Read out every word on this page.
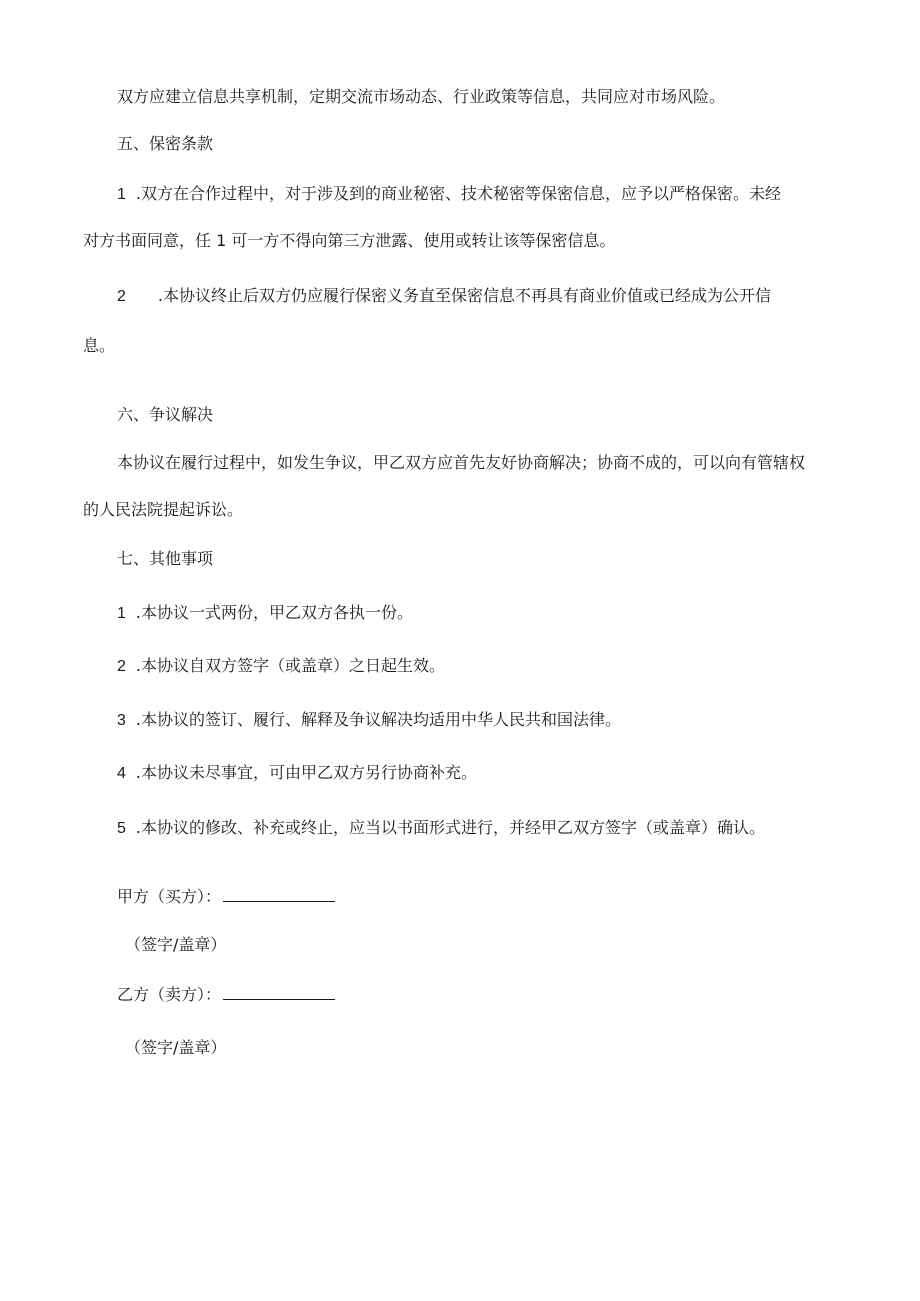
双方应建立信息共享机制，定期交流市场动态、行业政策等信息，共同应对市场风险。
五、保密条款
1 .双方在合作过程中，对于涉及到的商业秘密、技术秘密等保密信息，应予以严格保密。未经
对方书面同意，任 1 可一方不得向第三方泄露、使用或转让该等保密信息。
2 .本协议终止后双方仍应履行保密义务直至保密信息不再具有商业价值或已经成为公开信
息。
六、争议解决
本协议在履行过程中，如发生争议，甲乙双方应首先友好协商解决；协商不成的，可以向有管辖权
的人民法院提起诉讼。
七、其他事项
1 .本协议一式两份，甲乙双方各执一份。
2 .本协议自双方签字（或盖章）之日起生效。
3 .本协议的签订、履行、解释及争议解决均适用中华人民共和国法律。
4 .本协议未尽事宜，可由甲乙双方另行协商补充。
5 .本协议的修改、补充或终止，应当以书面形式进行，并经甲乙双方签字（或盖章）确认。
甲方（买方）：
（签字/盖章）
乙方（卖方）：
（签字/盖章）
